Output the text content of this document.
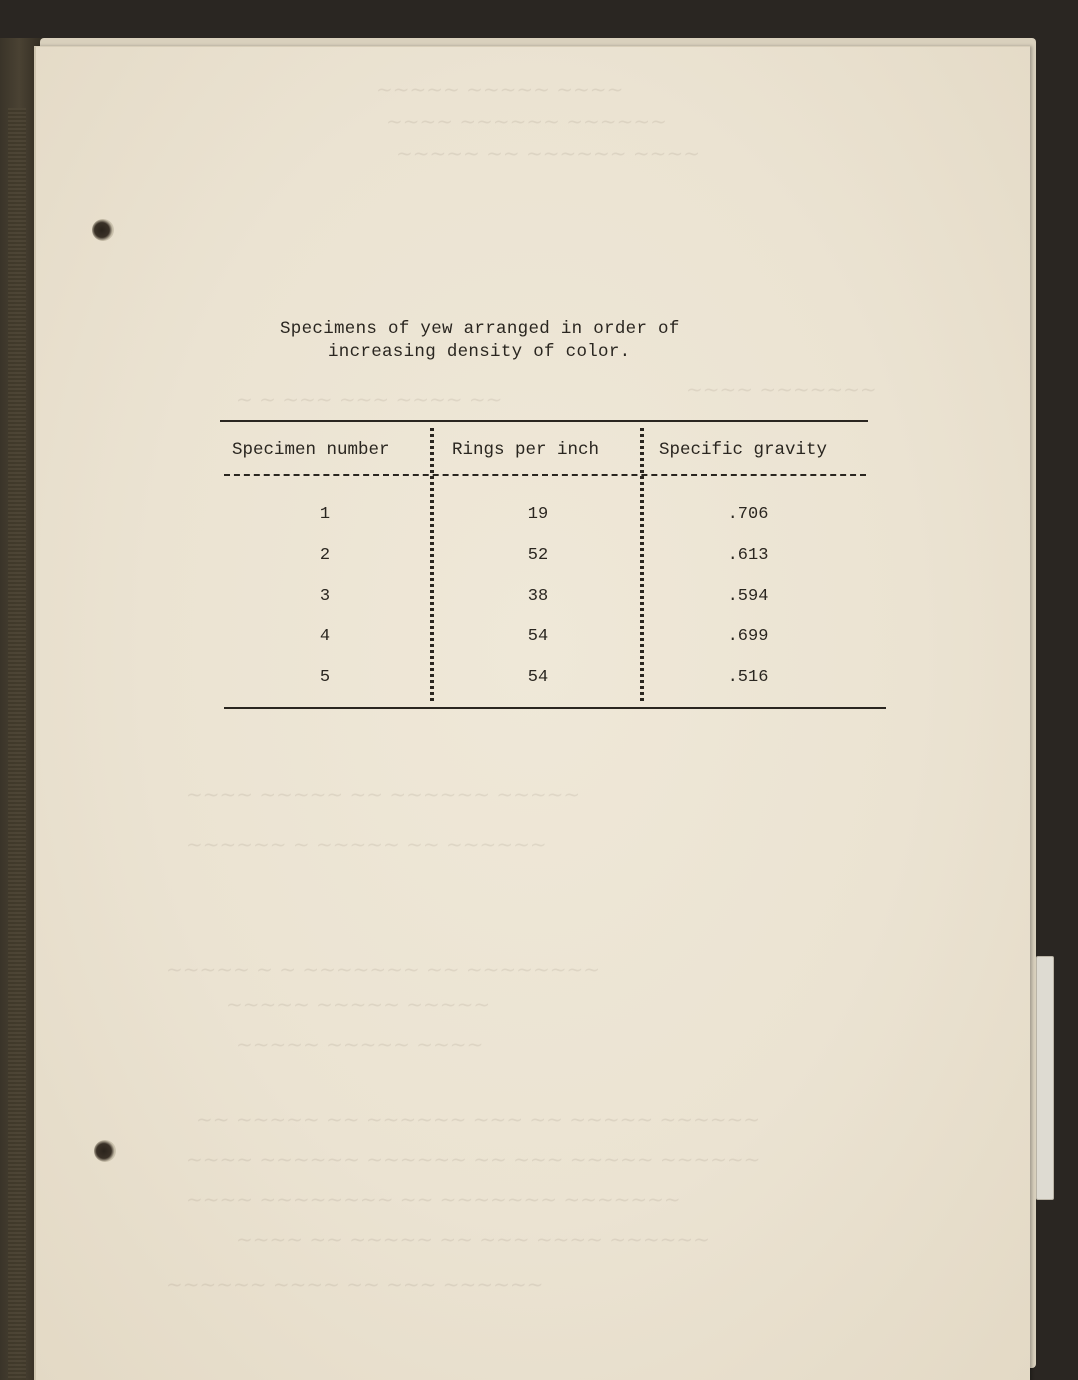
~~~~~ ~~~~~ ~~~~
~~~~ ~~~~~~ ~~~~~~
~~~~~ ~~ ~~~~~~ ~~~~
~ ~ ~~~ ~~~ ~~~~ ~~	~~~~ ~~~~~~~
~~~~ ~~~~~ ~~ ~~~~~~ ~~~~~
~~~~~~ ~ ~~~~~ ~~ ~~~~~~
~~~~~ ~ ~ ~~~~~~~ ~~ ~~~~~~~~
~~~~~ ~~~~~ ~~~~~
~~~~~ ~~~~~ ~~~~
~~ ~~~~~ ~~ ~~~~~~ ~~~ ~~ ~~~~~ ~~~~~~
~~~~ ~~~~~~ ~~~~~~ ~~ ~~~ ~~~~~ ~~~~~~
~~~~ ~~~~~~~~ ~~ ~~~~~~~ ~~~~~~~
~~~~ ~~ ~~~~~ ~~ ~~~ ~~~~ ~~~~~~
~~~~~~ ~~~~ ~~ ~~~ ~~~~~~
Specimens of yew arranged in order of
increasing density of color.
Specimen number	Rings per inch	Specific gravity
1	19	.706
2	52	.613
3	38	.594
4	54	.699
5	54	.516
